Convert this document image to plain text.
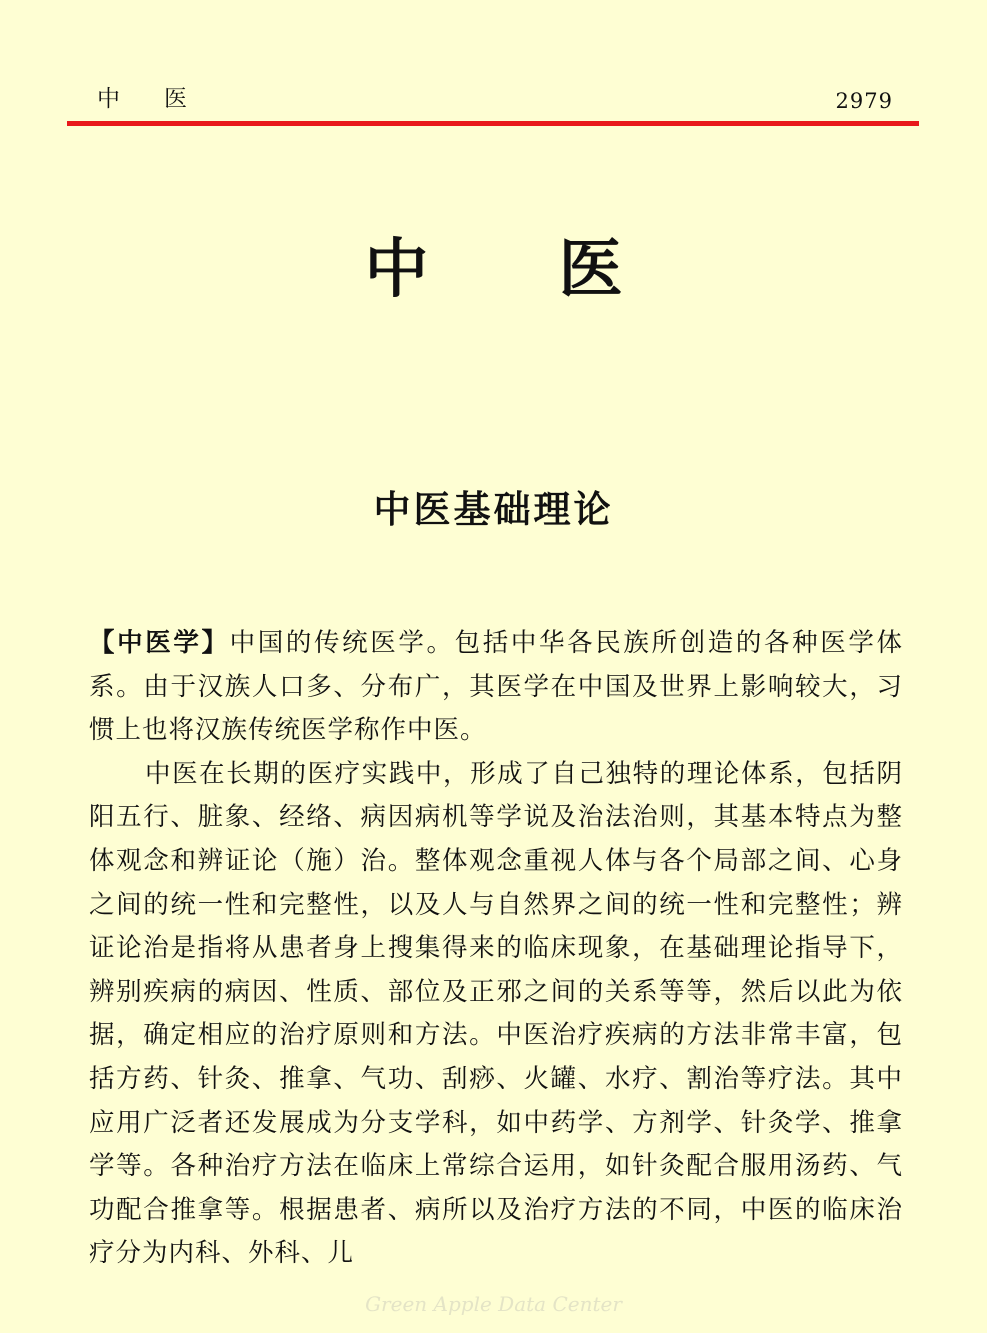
中医	2979
中医
中医基础理论

【中医学】中国的传统医学。包括中华各民族所创造的各种医学体系。由于汉族人口多、分布广，其医学在中国及世界上影响较大，习惯上也将汉族传统医学称作中医。

中医在长期的医疗实践中，形成了自己独特的理论体系，包括阴阳五行、脏象、经络、病因病机等学说及治法治则，其基本特点为整体观念和辨证论（施）治。整体观念重视人体与各个局部之间、心身之间的统一性和完整性，以及人与自然界之间的统一性和完整性；辨证论治是指将从患者身上搜集得来的临床现象，在基础理论指导下，辨别疾病的病因、性质、部位及正邪之间的关系等等，然后以此为依据，确定相应的治疗原则和方法。中医治疗疾病的方法非常丰富，包括方药、针灸、推拿、气功、刮痧、火罐、水疗、割治等疗法。其中应用广泛者还发展成为分支学科，如中药学、方剂学、针灸学、推拿学等。各种治疗方法在临床上常综合运用，如针灸配合服用汤药、气功配合推拿等。根据患者、病所以及治疗方法的不同，中医的临床治疗分为内科、外科、儿

Green Apple Data Center
